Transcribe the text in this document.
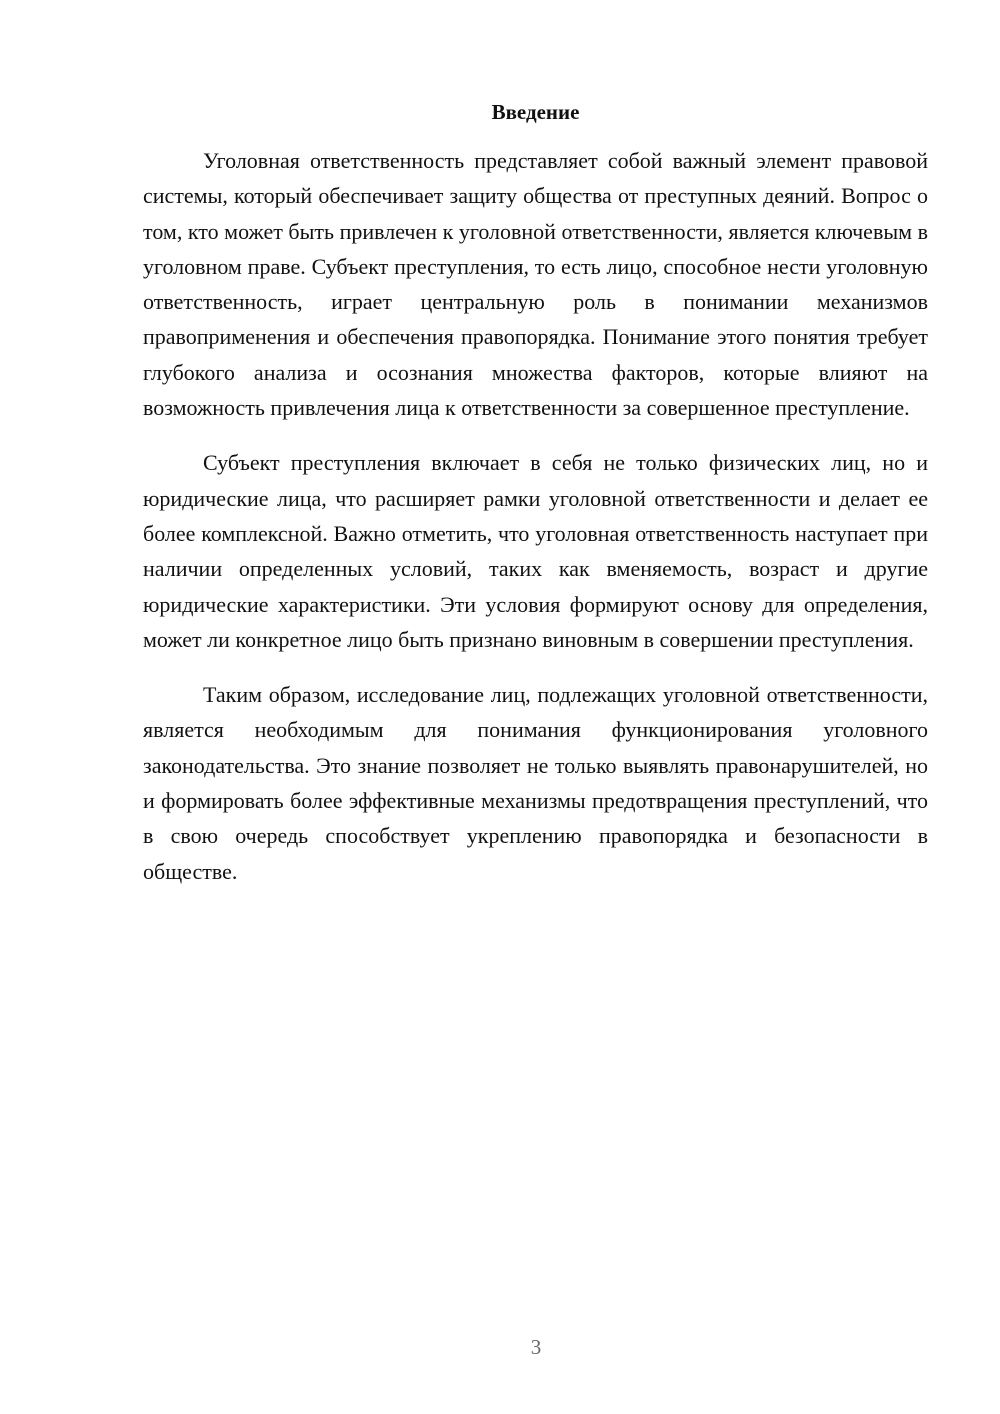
Введение

Уголовная ответственность представляет собой важный элемент правовой системы, который обеспечивает защиту общества от преступных деяний. Вопрос о том, кто может быть привлечен к уголовной ответственности, является ключевым в уголовном праве. Субъект преступления, то есть лицо, способное нести уголовную ответственность, играет центральную роль в понимании механизмов правоприменения и обеспечения правопорядка. Понимание этого понятия требует глубокого анализа и осознания множества факторов, которые влияют на возможность привлечения лица к ответственности за совершенное преступление.

Субъект преступления включает в себя не только физических лиц, но и юридические лица, что расширяет рамки уголовной ответственности и делает ее более комплексной. Важно отметить, что уголовная ответственность наступает при наличии определенных условий, таких как вменяемость, возраст и другие юридические характеристики. Эти условия формируют основу для определения, может ли конкретное лицо быть признано виновным в совершении преступления.

Таким образом, исследование лиц, подлежащих уголовной ответственности, является необходимым для понимания функционирования уголовного законодательства. Это знание позволяет не только выявлять правонарушителей, но и формировать более эффективные механизмы предотвращения преступлений, что в свою очередь способствует укреплению правопорядка и безопасности в обществе.

3
